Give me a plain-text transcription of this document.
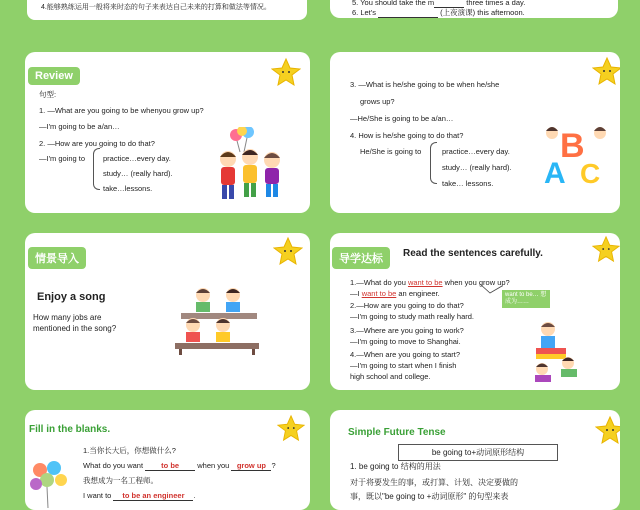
4.能够熟练运用一般将来时态的句子来表达自己未来的打算和做法等情况。
5. You should take the m	three times a day.
6. Let's	(上夜演课) this afternoon.
Review
句型:
1. —What are you going to be whenyou grow up?
—I'm going to be a/an…
2. —How are you going to do that?
—I'm going to practice…every day.
study… (really hard).
take…lessons.
3. —What is he/she going to be when he/she
grows up?
—He/She is going to be a/an…
4. How is he/she going to do that?
He/She is going to	practice…every day.
study… (really hard).
take… lessons.
B
A C
情景导入
Enjoy a song
How many jobs are
mentioned in the song?
导学达标	Read the sentences carefully.
1.—What do you want to be when you grow up?
—I want to be an engineer.	want to be… 想成为……
2.—How are you going to do that?
—I'm going to study math really hard.
3.—Where are you going to work?
—I'm going to move to Shanghai.
4.—When are you going to start?
—I'm going to start when I finish
high school and college.
Fill in the blanks.
1.当你长大后，你想做什么?
What do you want to be when you grow up ?
我想成为一名工程师。
I want to to be an engineer .
Simple Future Tense
be going to+动词原形结构
1. be going to 结构的用法
对于将要发生的事，或打算、计划、决定要做的
事，既以"be going to +动词原形" 的句型来表
